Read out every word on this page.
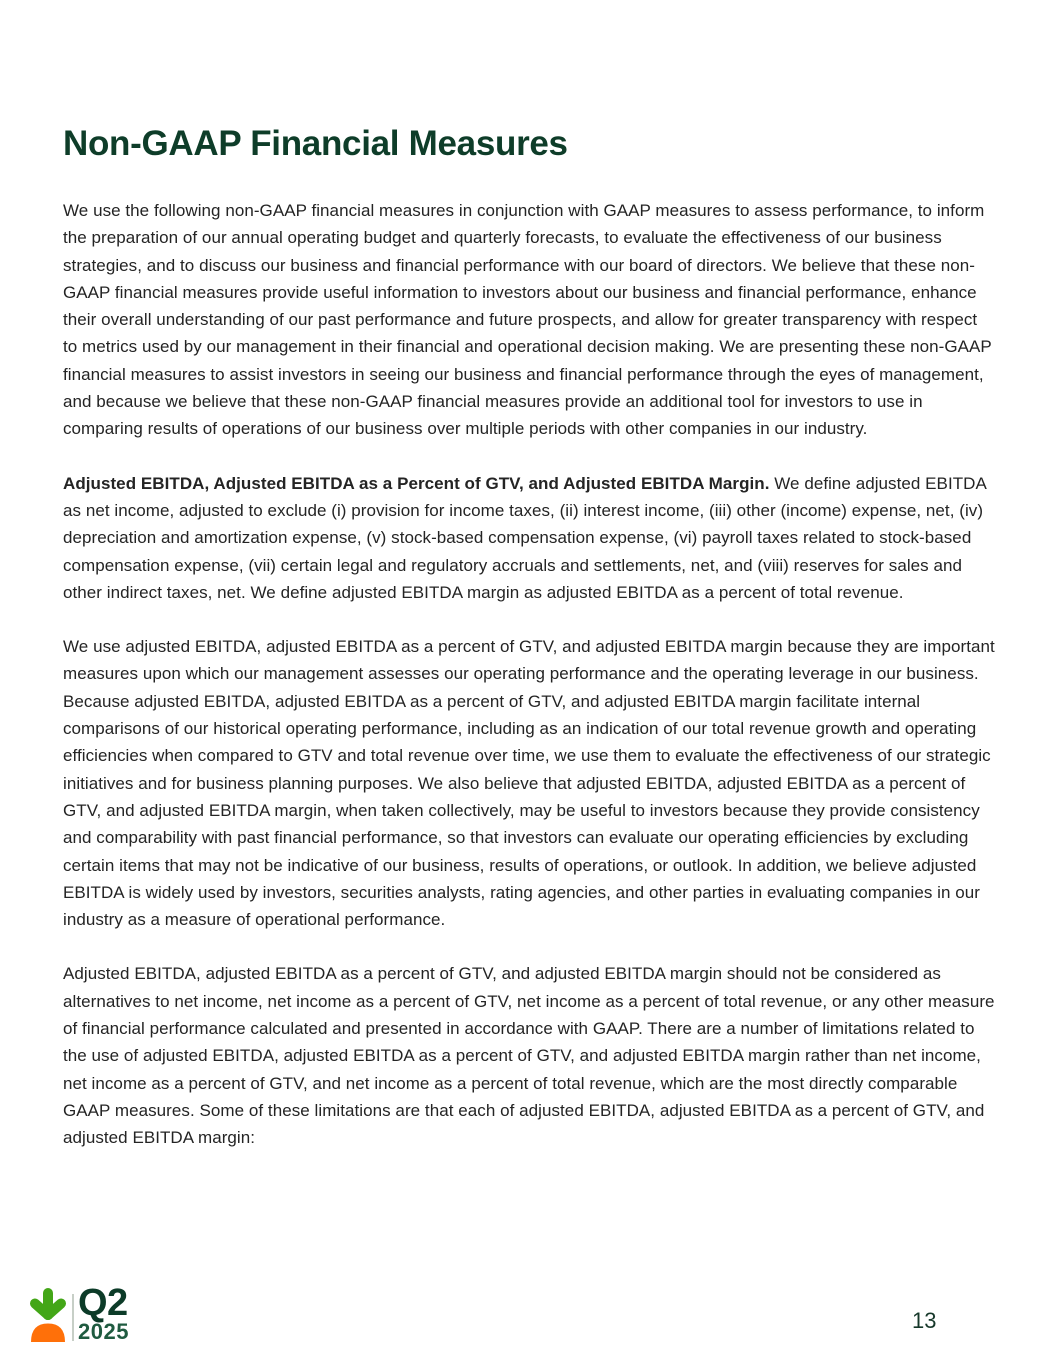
Non-GAAP Financial Measures

We use the following non-GAAP financial measures in conjunction with GAAP measures to assess performance, to inform the preparation of our annual operating budget and quarterly forecasts, to evaluate the effectiveness of our business strategies, and to discuss our business and financial performance with our board of directors. We believe that these non-GAAP financial measures provide useful information to investors about our business and financial performance, enhance their overall understanding of our past performance and future prospects, and allow for greater transparency with respect to metrics used by our management in their financial and operational decision making. We are presenting these non-GAAP financial measures to assist investors in seeing our business and financial performance through the eyes of management, and because we believe that these non-GAAP financial measures provide an additional tool for investors to use in comparing results of operations of our business over multiple periods with other companies in our industry.

Adjusted EBITDA, Adjusted EBITDA as a Percent of GTV, and Adjusted EBITDA Margin. We define adjusted EBITDA as net income, adjusted to exclude (i) provision for income taxes, (ii) interest income, (iii) other (income) expense, net, (iv) depreciation and amortization expense, (v) stock-based compensation expense, (vi) payroll taxes related to stock-based compensation expense, (vii) certain legal and regulatory accruals and settlements, net, and (viii) reserves for sales and other indirect taxes, net. We define adjusted EBITDA margin as adjusted EBITDA as a percent of total revenue.

We use adjusted EBITDA, adjusted EBITDA as a percent of GTV, and adjusted EBITDA margin because they are important measures upon which our management assesses our operating performance and the operating leverage in our business. Because adjusted EBITDA, adjusted EBITDA as a percent of GTV, and adjusted EBITDA margin facilitate internal comparisons of our historical operating performance, including as an indication of our total revenue growth and operating efficiencies when compared to GTV and total revenue over time, we use them to evaluate the effectiveness of our strategic initiatives and for business planning purposes. We also believe that adjusted EBITDA, adjusted EBITDA as a percent of GTV, and adjusted EBITDA margin, when taken collectively, may be useful to investors because they provide consistency and comparability with past financial performance, so that investors can evaluate our operating efficiencies by excluding certain items that may not be indicative of our business, results of operations, or outlook. In addition, we believe adjusted EBITDA is widely used by investors, securities analysts, rating agencies, and other parties in evaluating companies in our industry as a measure of operational performance.

Adjusted EBITDA, adjusted EBITDA as a percent of GTV, and adjusted EBITDA margin should not be considered as alternatives to net income, net income as a percent of GTV, net income as a percent of total revenue, or any other measure of financial performance calculated and presented in accordance with GAAP. There are a number of limitations related to the use of adjusted EBITDA, adjusted EBITDA as a percent of GTV, and adjusted EBITDA margin rather than net income, net income as a percent of GTV, and net income as a percent of total revenue, which are the most directly comparable GAAP measures. Some of these limitations are that each of adjusted EBITDA, adjusted EBITDA as a percent of GTV, and adjusted EBITDA margin:

Q2
2025	13
